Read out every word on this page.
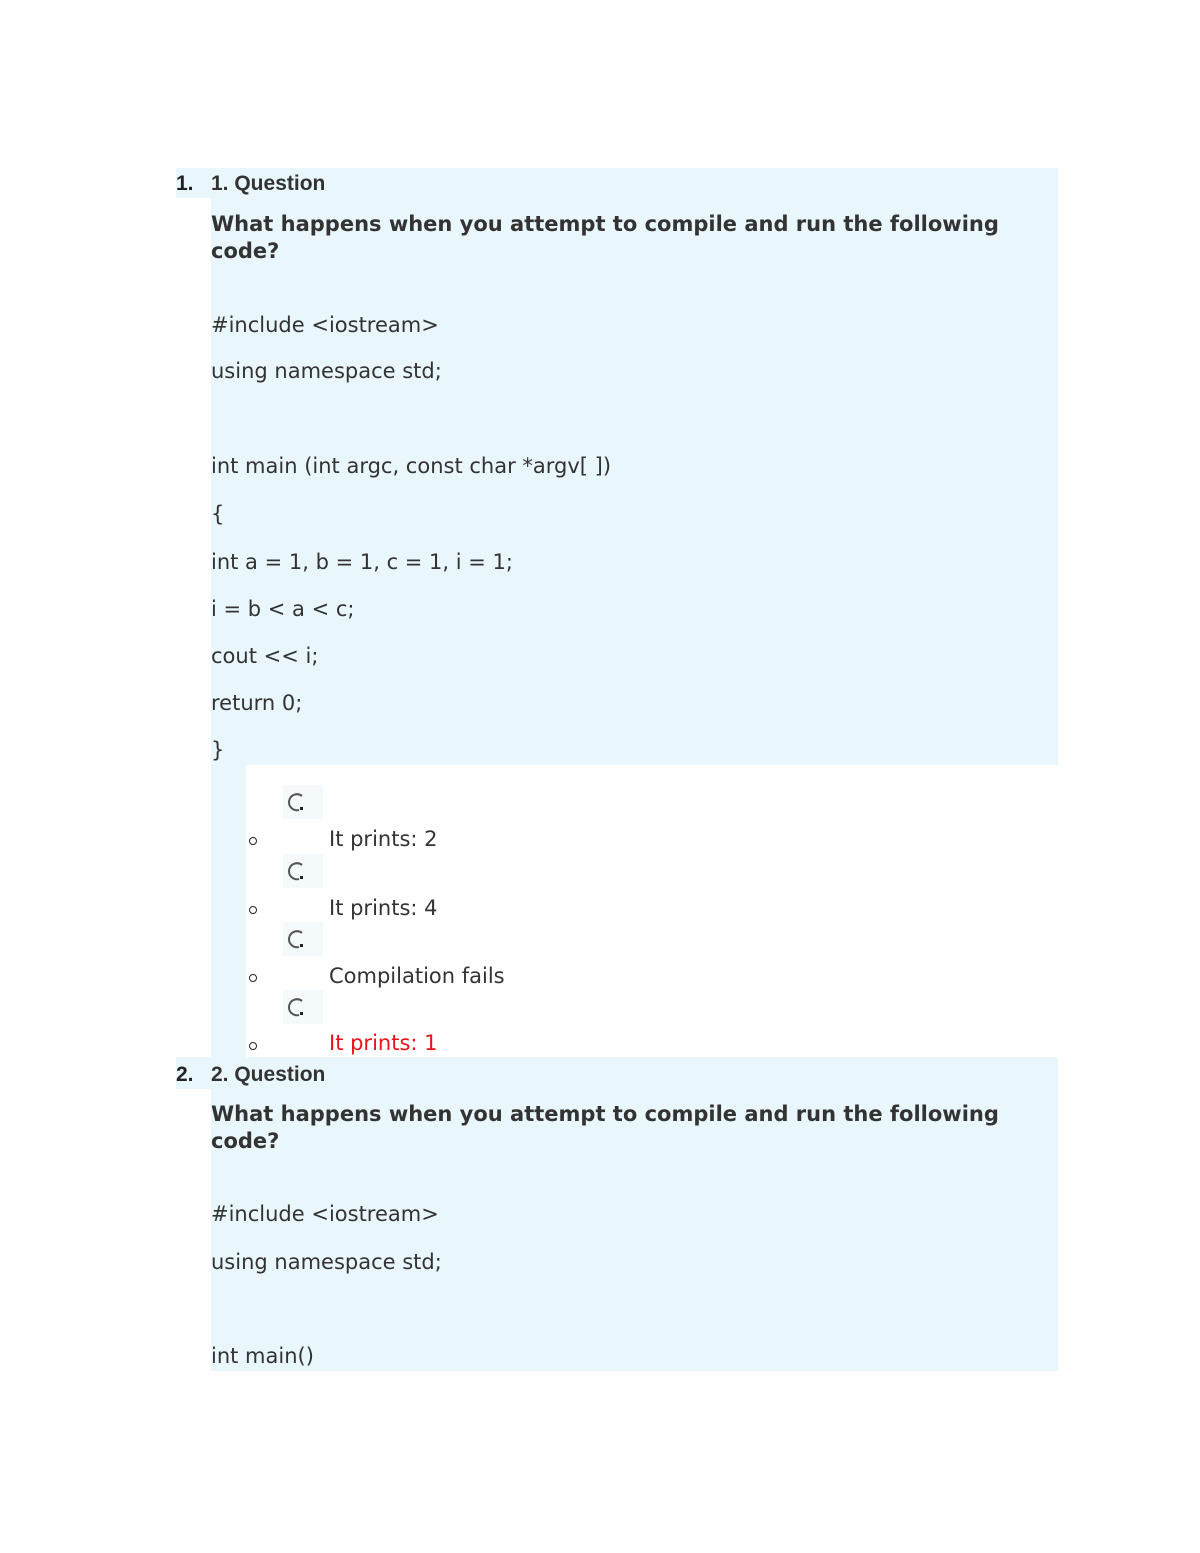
1. 1. Question
What happens when you attempt to compile and run the following code?
#include <iostream>
using namespace std;
int main (int argc, const char *argv[ ])
{
int a = 1, b = 1, c = 1, i = 1;
i = b < a < c;
cout << i;
return 0;
}
It prints: 2
It prints: 4
Compilation fails
It prints: 1
2. 2. Question
What happens when you attempt to compile and run the following code?
#include <iostream>
using namespace std;
int main()
